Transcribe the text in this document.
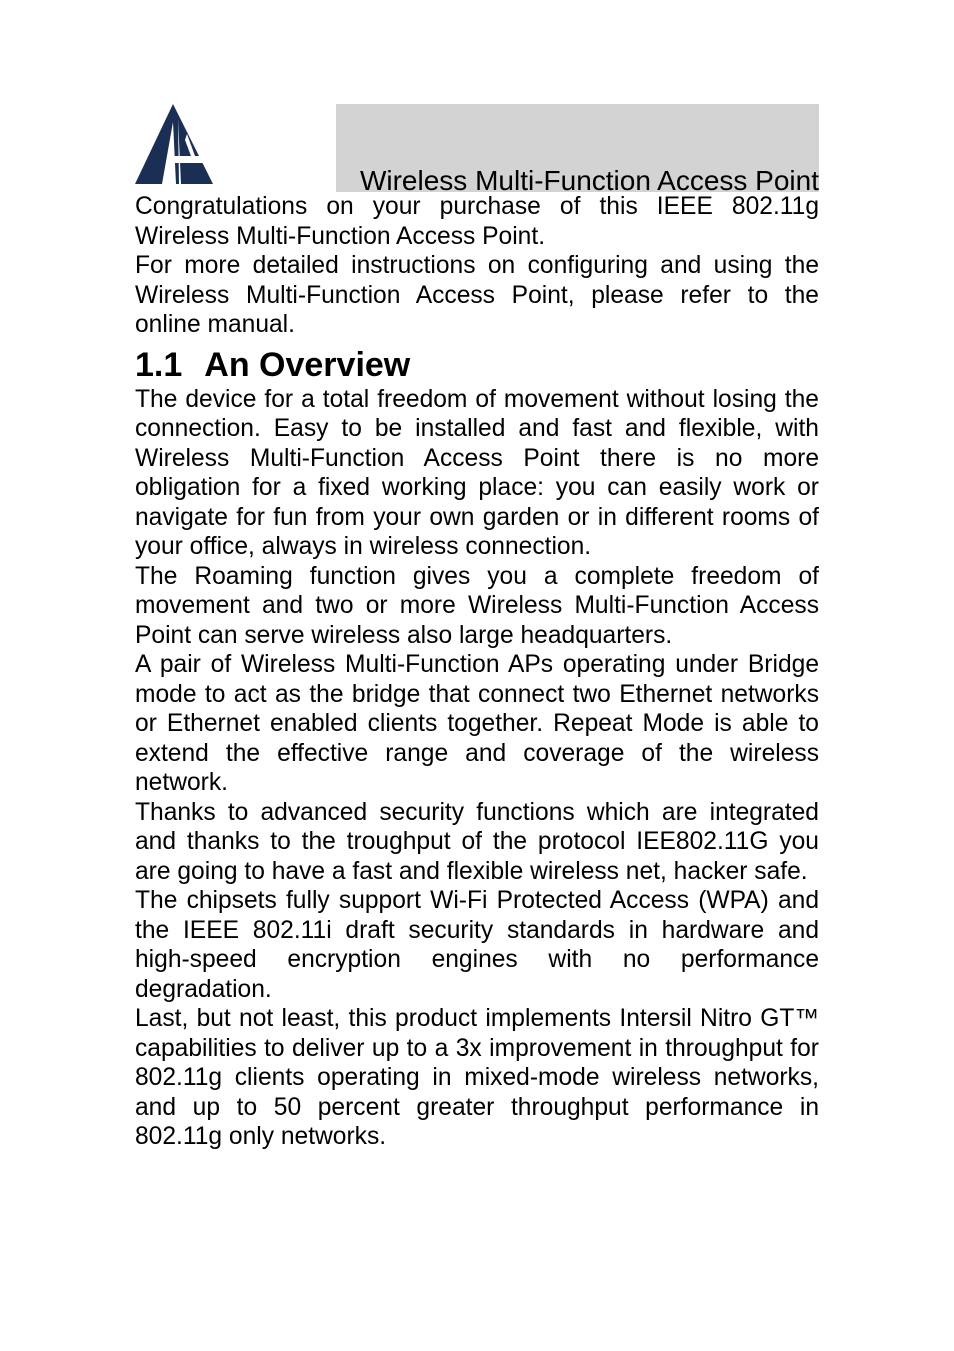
Wireless Multi-Function Access Point

Congratulations on your purchase of this IEEE 802.11g Wireless Multi-Function Access Point.

For more detailed instructions on configuring and using the Wireless Multi-Function Access Point, please refer to the online manual.

1.1 An Overview

The device for a total freedom of movement without losing the connection. Easy to be installed and fast and flexible, with Wireless Multi-Function Access Point there is no more obligation for a fixed working place: you can easily work or navigate for fun from your own garden or in different rooms of your office, always in wireless connection.

The Roaming function gives you a complete freedom of movement and two or more Wireless Multi-Function Access Point can serve wireless also large headquarters.

A pair of Wireless Multi-Function APs operating under Bridge mode to act as the bridge that connect two Ethernet networks or Ethernet enabled clients together. Repeat Mode is able to extend the effective range and coverage of the wireless network.

Thanks to advanced security functions which are integrated and thanks to the troughput of the protocol IEE802.11G you are going to have a fast and flexible wireless net, hacker safe.

The chipsets fully support Wi-Fi Protected Access (WPA) and the IEEE 802.11i draft security standards in hardware and high-speed encryption engines with no performance degradation.

Last, but not least, this product implements Intersil Nitro GT™ capabilities to deliver up to a 3x improvement in throughput for 802.11g clients operating in mixed-mode wireless networks, and up to 50 percent greater throughput performance in 802.11g only networks.
